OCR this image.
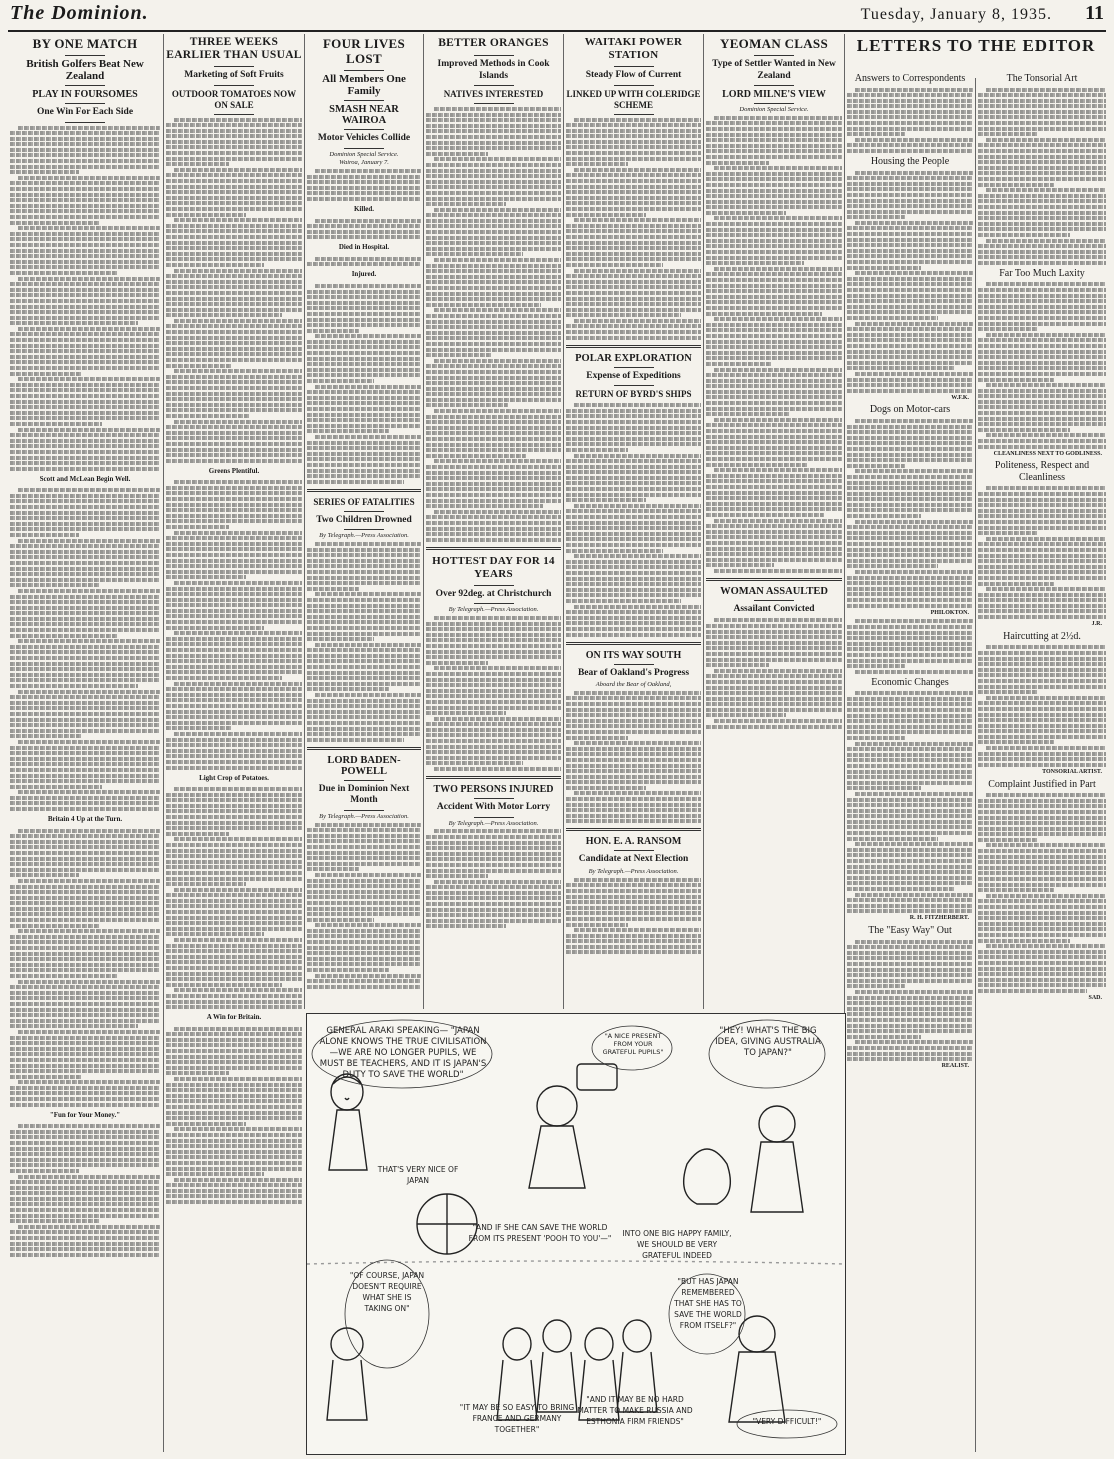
The Dominion.	Tuesday, January 8, 1935. 11
BY ONE MATCH
British Golfers Beat New Zealand
PLAY IN FOURSOMES
One Win For Each Side
Scott and McLean Begin Well.
Britain 4 Up at the Turn.
"Fun for Your Money."
THREE WEEKS EARLIER THAN USUAL
Marketing of Soft Fruits
OUTDOOR TOMATOES NOW ON SALE
Greens Plentiful.
Light Crop of Potatoes.
A Win for Britain.
FOUR LIVES LOST
All Members One Family
SMASH NEAR WAIROA
Motor Vehicles Collide
Dominion Special Service.
Wairoa, January 7.
Killed.
Died in Hospital.
Injured.
SERIES OF FATALITIES
Two Children Drowned
By Telegraph.—Press Association.
LORD BADEN-POWELL
Due in Dominion Next Month
By Telegraph.—Press Association.
BETTER ORANGES
Improved Methods in Cook Islands
NATIVES INTERESTED
HOTTEST DAY FOR 14 YEARS
Over 92deg. at Christchurch
By Telegraph.—Press Association.
TWO PERSONS INJURED
Accident With Motor Lorry
By Telegraph.—Press Association.
WAITAKI POWER STATION
Steady Flow of Current
LINKED UP WITH COLERIDGE SCHEME
POLAR EXPLORATION
Expense of Expeditions
RETURN OF BYRD'S SHIPS
ON ITS WAY SOUTH
Bear of Oakland's Progress
Aboard the Bear of Oakland,
HON. E. A. RANSOM
Candidate at Next Election
By Telegraph.—Press Association.
YEOMAN CLASS
Type of Settler Wanted in New Zealand
LORD MILNE'S VIEW
Dominion Special Service.
WOMAN ASSAULTED
Assailant Convicted
LETTERS TO THE EDITOR
Answers to Correspondents
Housing the People
W.F.K.
Dogs on Motor-cars
PHILOKTON.
Economic Changes
R. H. FITZHERBERT.
The "Easy Way" Out
REALIST.
The Tonsorial Art
Far Too Much Laxity
CLEANLINESS NEXT TO GODLINESS.
Politeness, Respect and Cleanliness
J.R.
Haircutting at 2½d.
TONSORIAL ARTIST.
Complaint Justified in Part
SAD.
GENERAL ARAKI SPEAKING— "JAPAN ALONE KNOWS THE TRUE CIVILISATION—WE ARE NO LONGER PUPILS, WE MUST BE TEACHERS, AND IT IS JAPAN'S DUTY TO SAVE THE WORLD"
"A NICE PRESENT FROM YOUR GRATEFUL PUPILS"
"HEY! WHAT'S THE BIG IDEA, GIVING AUSTRALIA TO JAPAN?"
THAT'S VERY NICE OF JAPAN
"AND IF SHE CAN SAVE THE WORLD FROM ITS PRESENT 'POOH TO YOU'—"
INTO ONE BIG HAPPY FAMILY, WE SHOULD BE VERY GRATEFUL INDEED
"OF COURSE, JAPAN DOESN'T REQUIRE WHAT SHE IS TAKING ON"
"IT MAY BE SO EASY TO BRING FRANCE AND GERMANY TOGETHER"
"AND IT MAY BE NO HARD MATTER TO MAKE RUSSIA AND ESTHONIA FIRM FRIENDS"
"BUT HAS JAPAN REMEMBERED THAT SHE HAS TO SAVE THE WORLD FROM ITSELF?"
"VERY DIFFICULT!"
